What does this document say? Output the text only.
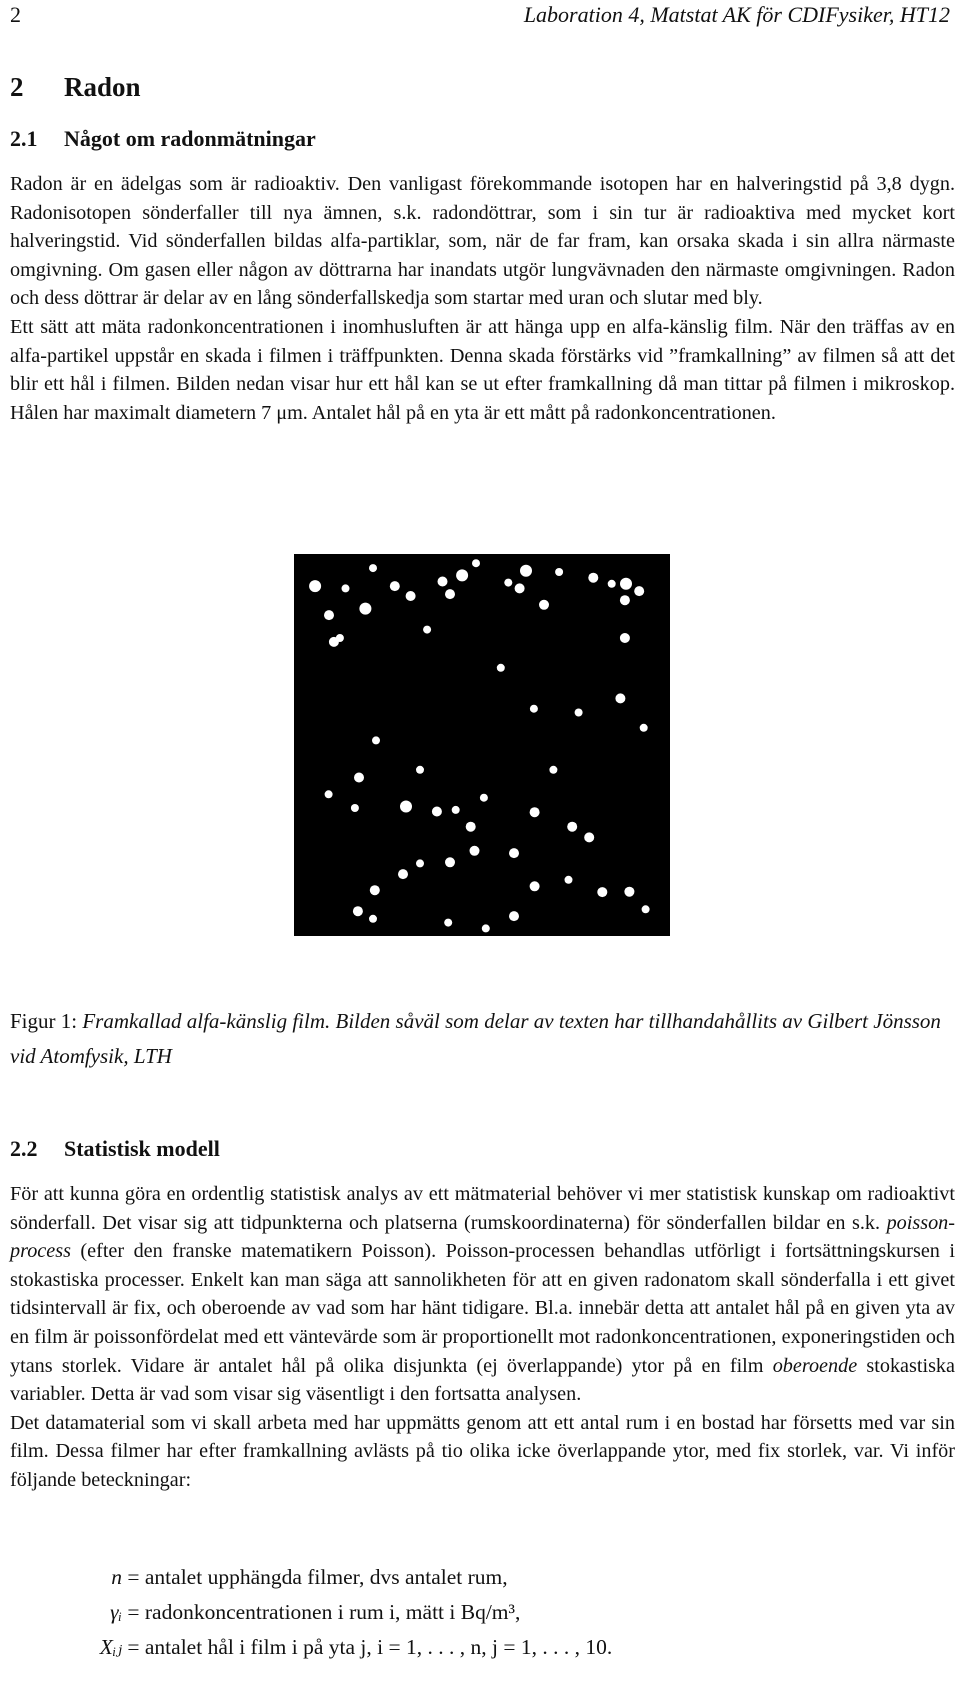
2	Laboration 4, Matstat AK för CDIFysiker, HT12
2 Radon
2.1 Något om radonmätningar

Radon är en ädelgas som är radioaktiv. Den vanligast förekommande isotopen har en halveringstid på 3,8 dygn. Radonisotopen sönderfaller till nya ämnen, s.k. radondöttrar, som i sin tur är radioaktiva med mycket kort halveringstid. Vid sönderfallen bildas alfa-partiklar, som, när de far fram, kan orsaka skada i sin allra närmaste omgivning. Om gasen eller någon av döttrarna har inandats utgör lungvävnaden den närmaste omgivningen. Radon och dess döttrar är delar av en lång sönderfallskedja som startar med uran och slutar med bly.

Ett sätt att mäta radonkoncentrationen i inomhusluften är att hänga upp en alfa-känslig film. När den träffas av en alfa-partikel uppstår en skada i filmen i träffpunkten. Denna skada förstärks vid ”framkallning” av filmen så att det blir ett hål i filmen. Bilden nedan visar hur ett hål kan se ut efter framkallning då man tittar på filmen i mikroskop. Hålen har maximalt diametern 7 μm. Antalet hål på en yta är ett mått på radonkoncentrationen.

Figur 1: Framkallad alfa-känslig film. Bilden såväl som delar av texten har tillhandahållits av Gilbert Jönsson vid Atomfysik, LTH
2.2 Statistisk modell

För att kunna göra en ordentlig statistisk analys av ett mätmaterial behöver vi mer statistisk kunskap om radioaktivt sönderfall. Det visar sig att tidpunkterna och platserna (rumskoordinaterna) för sönderfallen bildar en s.k. poisson-process (efter den franske matematikern Poisson). Poisson-processen behandlas utförligt i fortsättningskursen i stokastiska processer. Enkelt kan man säga att sannolikheten för att en given radonatom skall sönderfalla i ett givet tidsintervall är fix, och oberoende av vad som har hänt tidigare. Bl.a. innebär detta att antalet hål på en given yta av en film är poissonfördelat med ett väntevärde som är proportionellt mot radonkoncentrationen, exponeringstiden och ytans storlek. Vidare är antalet hål på olika disjunkta (ej överlappande) ytor på en film oberoende stokastiska variabler. Detta är vad som visar sig väsentligt i den fortsatta analysen.

Det datamaterial som vi skall arbeta med har uppmätts genom att ett antal rum i en bostad har försetts med var sin film. Dessa filmer har efter framkallning avlästs på tio olika icke överlappande ytor, med fix storlek, var. Vi inför följande beteckningar:

n = antalet upphängda filmer, dvs antalet rum,
γᵢ = radonkoncentrationen i rum i, mätt i Bq/m³,
Xᵢⱼ = antalet hål i film i på yta j, i = 1, . . . , n, j = 1, . . . , 10.
